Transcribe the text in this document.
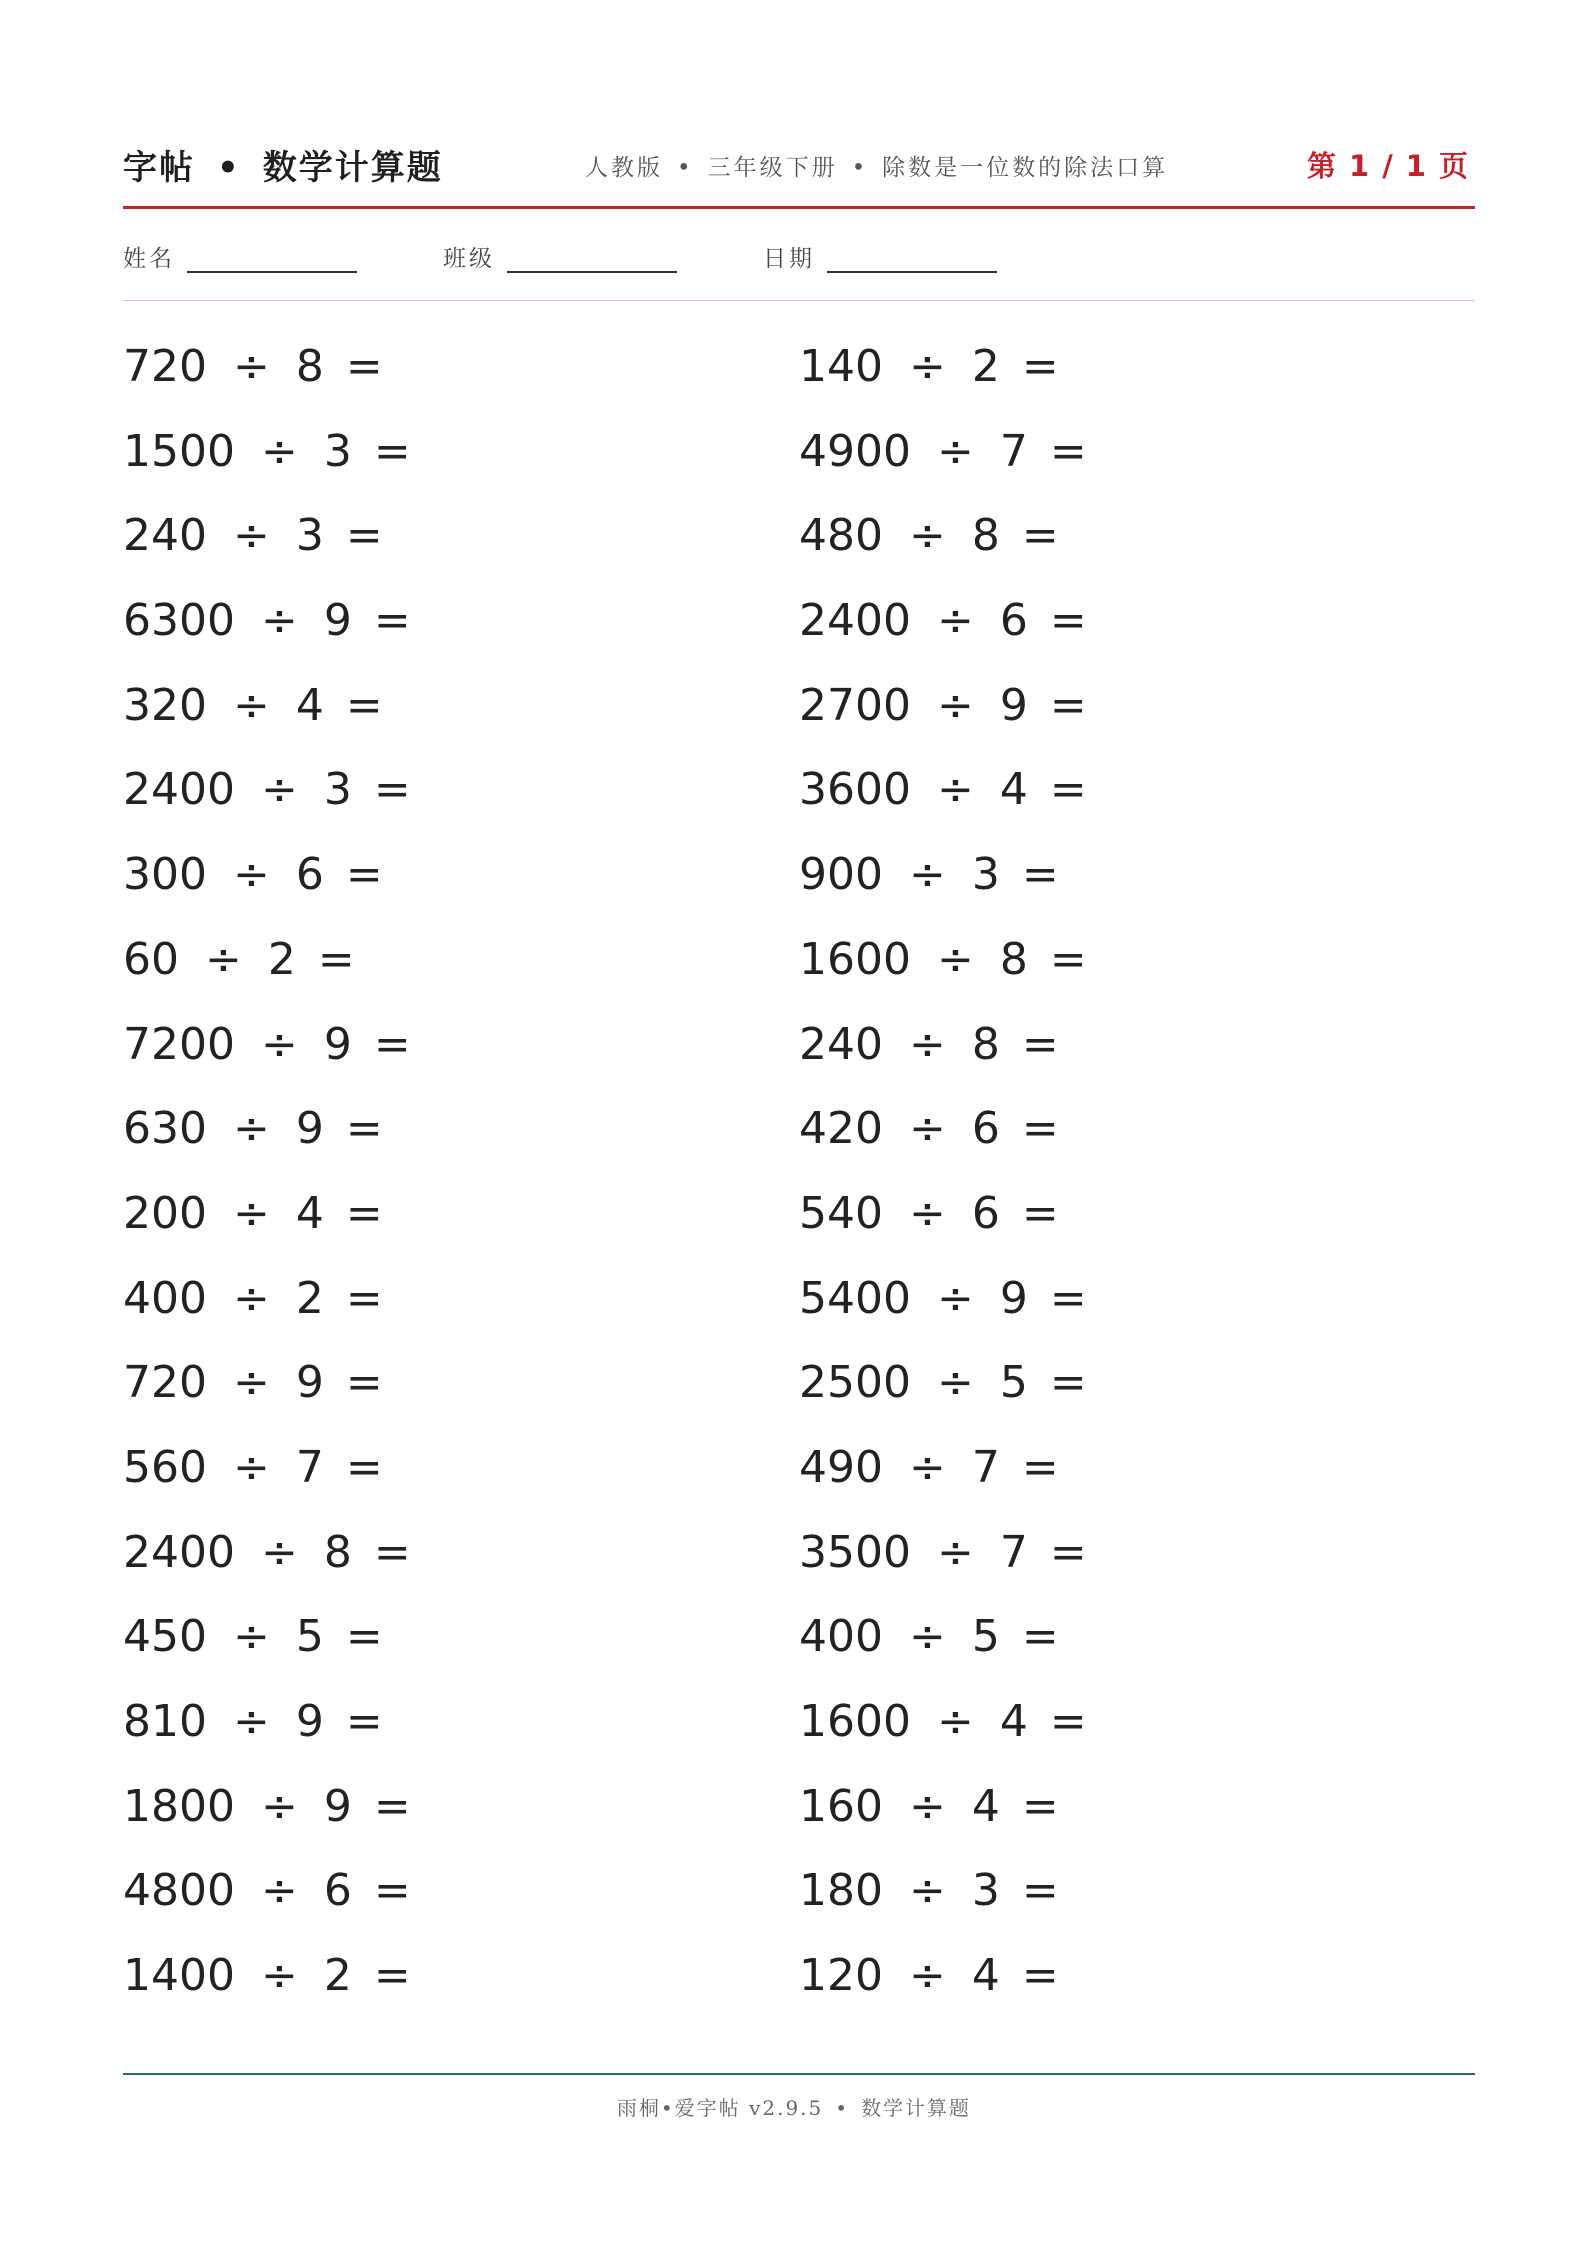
字帖 • 数学计算题	人教版 • 三年级下册 • 除数是一位数的除法口算	第 1 / 1 页
姓名	班级	日期
720 ÷ 8 =
1500 ÷ 3 =
240 ÷ 3 =
6300 ÷ 9 =
320 ÷ 4 =
2400 ÷ 3 =
300 ÷ 6 =
60 ÷ 2 =
7200 ÷ 9 =
630 ÷ 9 =
200 ÷ 4 =
400 ÷ 2 =
720 ÷ 9 =
560 ÷ 7 =
2400 ÷ 8 =
450 ÷ 5 =
810 ÷ 9 =
1800 ÷ 9 =
4800 ÷ 6 =
1400 ÷ 2 =
140 ÷ 2 =
4900 ÷ 7 =
480 ÷ 8 =
2400 ÷ 6 =
2700 ÷ 9 =
3600 ÷ 4 =
900 ÷ 3 =
1600 ÷ 8 =
240 ÷ 8 =
420 ÷ 6 =
540 ÷ 6 =
5400 ÷ 9 =
2500 ÷ 5 =
490 ÷ 7 =
3500 ÷ 7 =
400 ÷ 5 =
1600 ÷ 4 =
160 ÷ 4 =
180 ÷ 3 =
120 ÷ 4 =
雨桐•爱字帖 v2.9.5 • 数学计算题
